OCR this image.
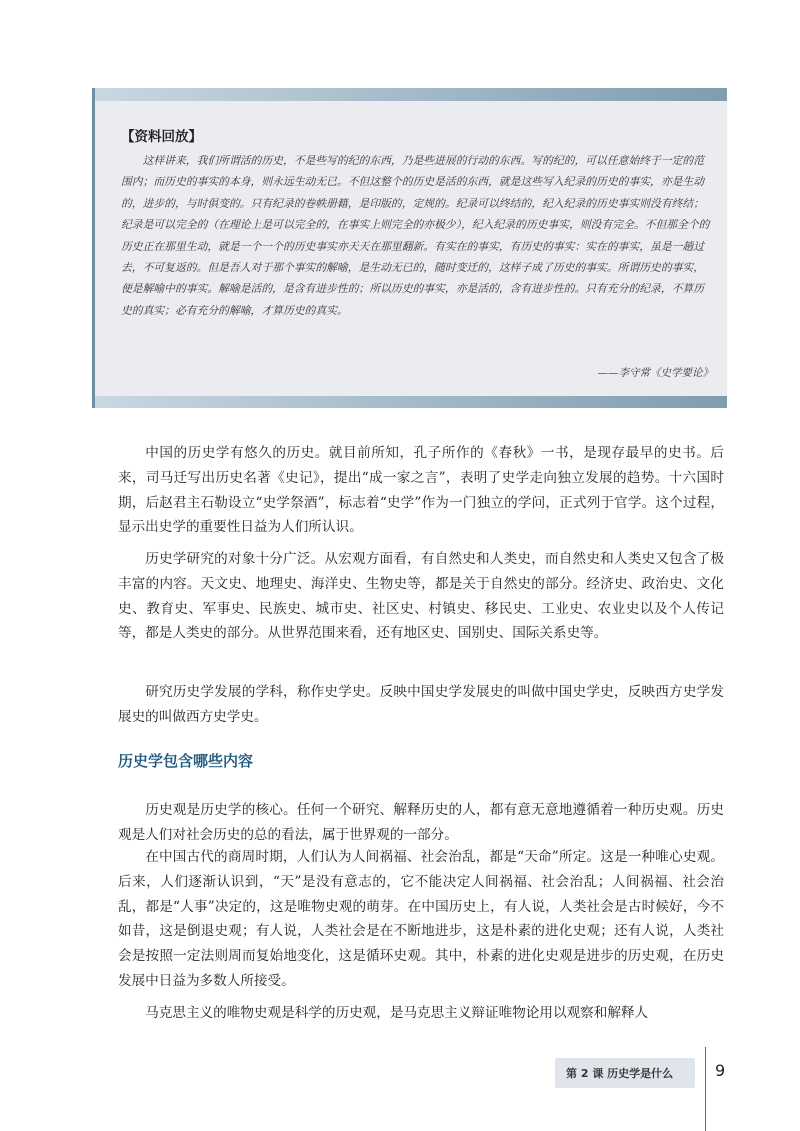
【资料回放】

这样讲来，我们所谓活的历史，不是些写的纪的东西，乃是些进展的行动的东西。写的纪的，可以任意始终于一定的范围内；而历史的事实的本身，则永远生动无已。不但这整个的历史是活的东西，就是这些写入纪录的历史的事实，亦是生动的，进步的，与时俱变的。只有纪录的卷帙册籍，是印版的，定规的。纪录可以终结的，纪入纪录的历史事实则没有终结；纪录是可以完全的（在理论上是可以完全的，在事实上则完全的亦极少），纪入纪录的历史事实，则没有完全。不但那全个的历史正在那里生动，就是一个一个的历史事实亦天天在那里翻新。有实在的事实，有历史的事实：实在的事实，虽是一趟过去，不可复返的。但是吾人对于那个事实的解喻，是生动无已的，随时变迁的，这样子成了历史的事实。所谓历史的事实，便是解喻中的事实。解喻是活的，是含有进步性的；所以历史的事实，亦是活的，含有进步性的。只有充分的纪录，不算历史的真实；必有充分的解喻，才算历史的真实。

——李守常《史学要论》

中国的历史学有悠久的历史。就目前所知，孔子所作的《春秋》一书，是现存最早的史书。后来，司马迁写出历史名著《史记》，提出“成一家之言”，表明了史学走向独立发展的趋势。十六国时期，后赵君主石勒设立“史学祭酒”，标志着“史学”作为一门独立的学问，正式列于官学。这个过程，显示出史学的重要性日益为人们所认识。

历史学研究的对象十分广泛。从宏观方面看，有自然史和人类史，而自然史和人类史又包含了极丰富的内容。天文史、地理史、海洋史、生物史等，都是关于自然史的部分。经济史、政治史、文化史、教育史、军事史、民族史、城市史、社区史、村镇史、移民史、工业史、农业史以及个人传记等，都是人类史的部分。从世界范围来看，还有地区史、国别史、国际关系史等。

研究历史学发展的学科，称作史学史。反映中国史学发展史的叫做中国史学史，反映西方史学发展史的叫做西方史学史。

历史学包含哪些内容

历史观是历史学的核心。任何一个研究、解释历史的人，都有意无意地遵循着一种历史观。历史观是人们对社会历史的总的看法，属于世界观的一部分。

在中国古代的商周时期，人们认为人间祸福、社会治乱，都是“天命”所定。这是一种唯心史观。后来，人们逐渐认识到，“天”是没有意志的，它不能决定人间祸福、社会治乱；人间祸福、社会治乱，都是“人事”决定的，这是唯物史观的萌芽。在中国历史上，有人说，人类社会是古时候好，今不如昔，这是倒退史观；有人说，人类社会是在不断地进步，这是朴素的进化史观；还有人说，人类社会是按照一定法则周而复始地变化，这是循环史观。其中，朴素的进化史观是进步的历史观，在历史发展中日益为多数人所接受。

马克思主义的唯物史观是科学的历史观，是马克思主义辩证唯物论用以观察和解释人

第 2 课 历史学是什么	9
